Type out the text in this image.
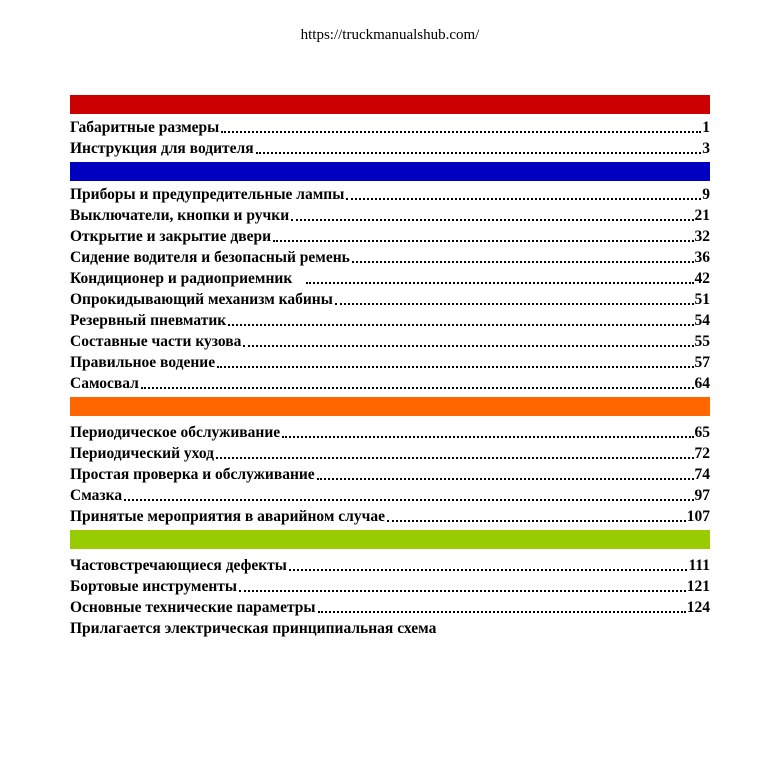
https://truckmanualshub.com/
Габаритные размеры	1
Инструкция для водителя	3
Приборы и предупредительные лампы	9
Выключатели, кнопки и ручки	21
Открытие и закрытие двери	32
Сидение водителя и безопасный ремень	36
Кондиционер и радиоприемник	42
Опрокидывающий механизм кабины	51
Резервный пневматик	54
Составные части кузова	55
Правильное водение	57
Самосвал	64
Периодическое обслуживание	65
Периодический уход	72
Простая проверка и обслуживание	74
Смазка	97
Принятые мероприятия в аварийном случае	107
Частовстречающиеся дефекты	111
Бортовые инструменты	121
Основные технические параметры	124
Прилагается электрическая принципиальная схема
